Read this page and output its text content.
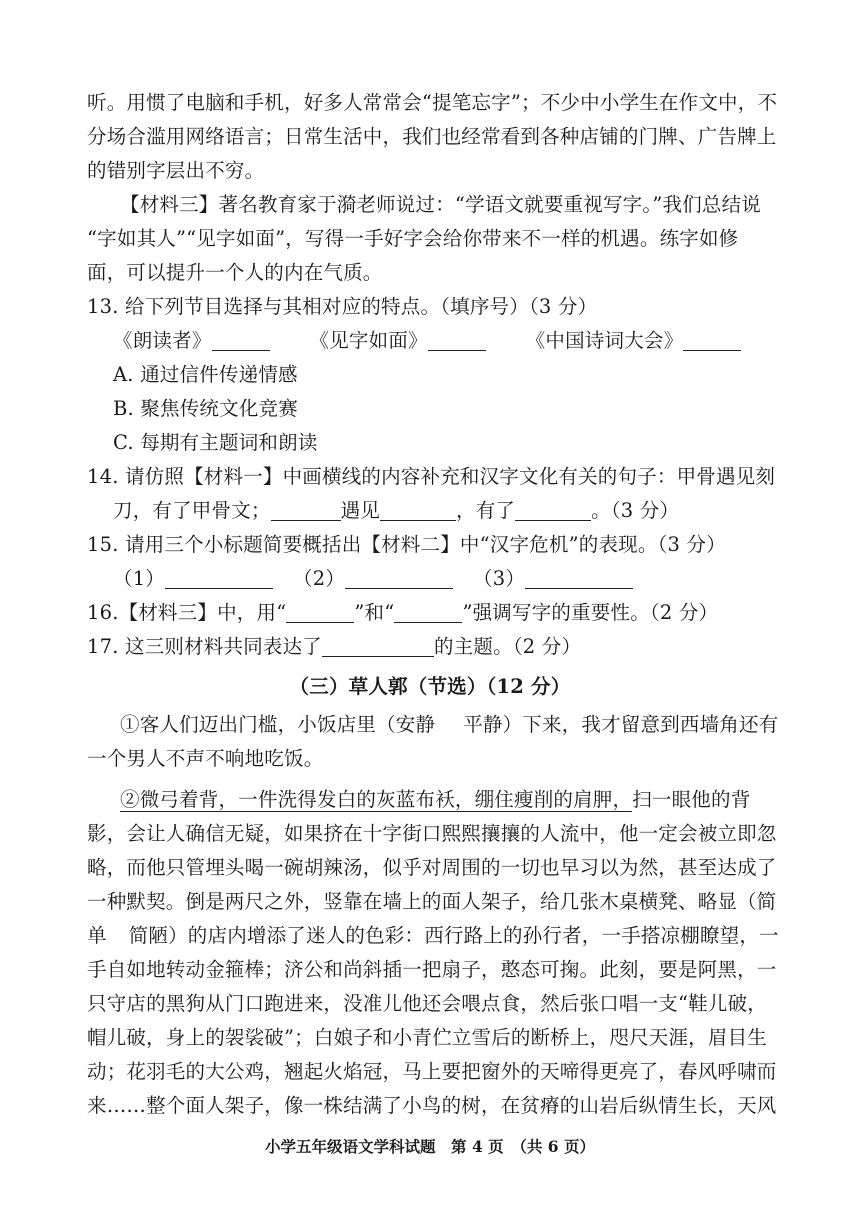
听。用惯了电脑和手机，好多人常常会“提笔忘字”；不少中小学生在作文中，不
分场合滥用网络语言；日常生活中，我们也经常看到各种店铺的门牌、广告牌上
的错别字层出不穷。
【材料三】著名教育家于漪老师说过：“学语文就要重视写字。”我们总结说
“字如其人”“见字如面”，写得一手好字会给你带来不一样的机遇。练字如修
面，可以提升一个人的内在气质。
13. 给下列节目选择与其相对应的特点。（填序号）（3 分）
《朗读者》	《见字如面》	《中国诗词大会》
A. 通过信件传递情感
B. 聚焦传统文化竞赛
C. 每期有主题词和朗读
14. 请仿照【材料一】中画横线的内容补充和汉字文化有关的句子：甲骨遇见刻
刀，有了甲骨文；	遇见	，有了	。（3 分）
15. 请用三个小标题简要概括出【材料二】中“汉字危机”的表现。（3 分）
（1）	（2）	（3）
16.【材料三】中，用“	”和“	”强调写字的重要性。（2 分）
17. 这三则材料共同表达了	的主题。（2 分）
（三）草人郭（节选）（12 分）
①客人们迈出门槛，小饭店里（安静 平静）下来，我才留意到西墙角还有
一个男人不声不响地吃饭。
②微弓着背，一件洗得发白的灰蓝布袄，绷住瘦削的肩胛，扫一眼他的背
影，会让人确信无疑，如果挤在十字街口熙熙攘攘的人流中，他一定会被立即忽
略，而他只管埋头喝一碗胡辣汤，似乎对周围的一切也早习以为然，甚至达成了
一种默契。倒是两尺之外，竖靠在墙上的面人架子，给几张木桌横凳、略显（简
单 简陋）的店内增添了迷人的色彩：西行路上的孙行者，一手搭凉棚瞭望，一
手自如地转动金箍棒；济公和尚斜插一把扇子，憨态可掬。此刻，要是阿黑，一
只守店的黑狗从门口跑进来，没准儿他还会喂点食，然后张口唱一支“鞋儿破，
帽儿破，身上的袈裟破”；白娘子和小青伫立雪后的断桥上，咫尺天涯，眉目生
动；花羽毛的大公鸡，翘起火焰冠，马上要把窗外的天啼得更亮了，春风呼啸而
来……整个面人架子，像一株结满了小鸟的树，在贫瘠的山岩后纵情生长，天风
小学五年级语文学科试题　第 4 页　（共 6 页）
